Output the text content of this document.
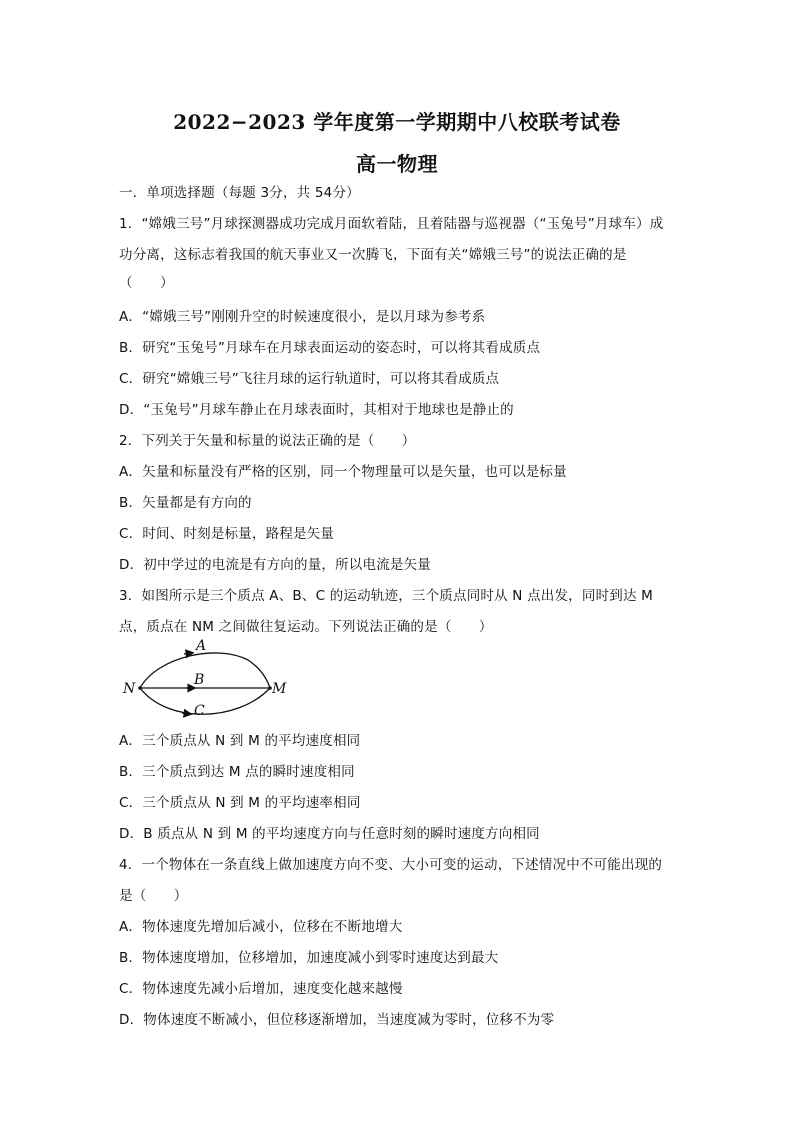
2022−2023 学年度第一学期期中八校联考试卷
高一物理
一．单项选择题（每题 3分，共 54分）
1．“嫦娥三号”月球探测器成功完成月面软着陆，且着陆器与巡视器（“玉兔号”月球车）成
功分离，这标志着我国的航天事业又一次腾飞，下面有关“嫦娥三号”的说法正确的是
（　　）
A．“嫦娥三号”刚刚升空的时候速度很小，是以月球为参考系
B．研究“玉兔号”月球车在月球表面运动的姿态时，可以将其看成质点
C．研究“嫦娥三号”飞往月球的运行轨道时，可以将其看成质点
D．“玉兔号”月球车静止在月球表面时，其相对于地球也是静止的
2．下列关于矢量和标量的说法正确的是（　　）
A．矢量和标量没有严格的区别，同一个物理量可以是矢量，也可以是标量
B．矢量都是有方向的
C．时间、时刻是标量，路程是矢量
D．初中学过的电流是有方向的量，所以电流是矢量
3．如图所示是三个质点 A、B、C 的运动轨迹，三个质点同时从 N 点出发，同时到达 M
点，质点在 NM 之间做往复运动。下列说法正确的是（　　）
A
B
C
N	M
A．三个质点从 N 到 M 的平均速度相同
B．三个质点到达 M 点的瞬时速度相同
C．三个质点从 N 到 M 的平均速率相同
D．B 质点从 N 到 M 的平均速度方向与任意时刻的瞬时速度方向相同
4．一个物体在一条直线上做加速度方向不变、大小可变的运动，下述情况中不可能出现的
是（　　）
A．物体速度先增加后减小，位移在不断地增大
B．物体速度增加，位移增加，加速度减小到零时速度达到最大
C．物体速度先减小后增加，速度变化越来越慢
D．物体速度不断减小，但位移逐渐增加，当速度减为零时，位移不为零
